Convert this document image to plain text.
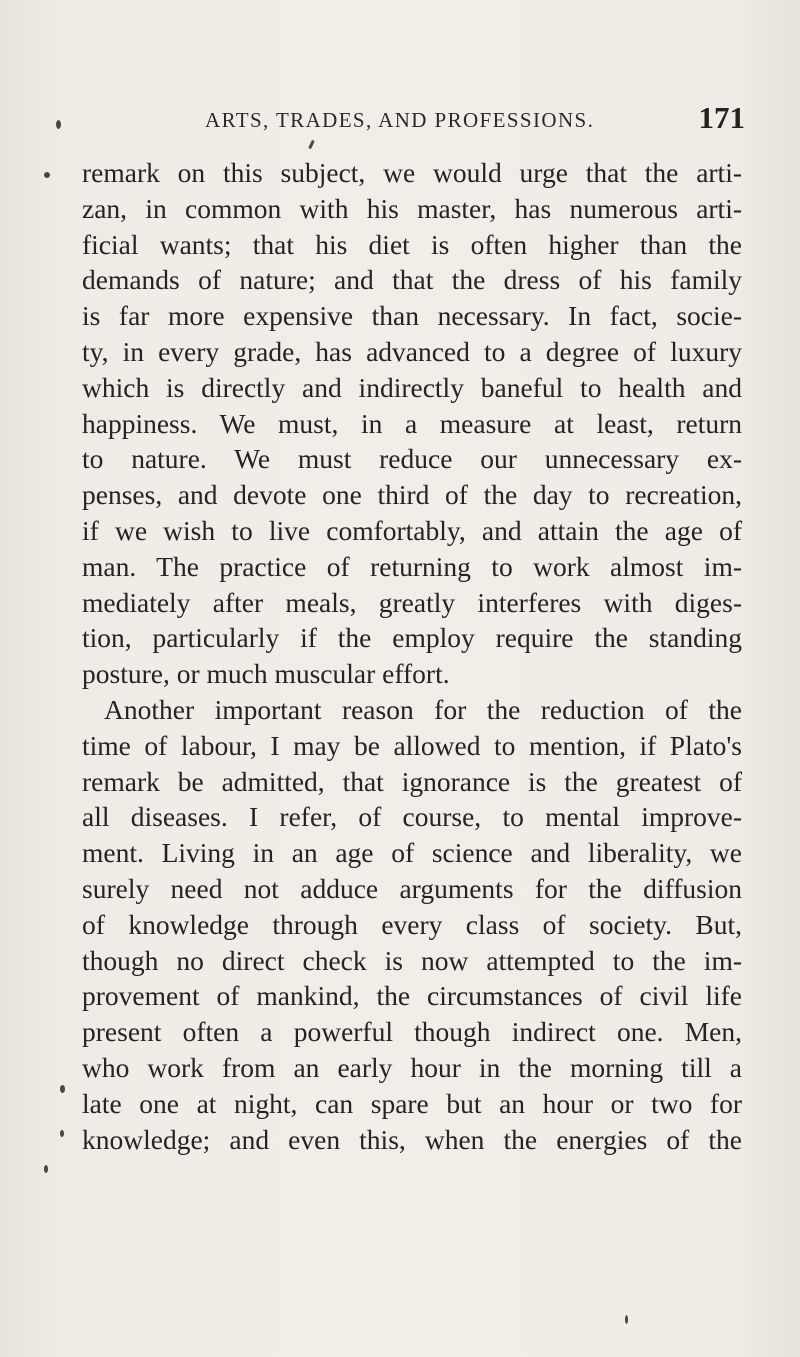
ARTS, TRADES, AND PROFESSIONS.	171
remark on this subject, we would urge that the arti-
zan, in common with his master, has numerous arti-
ficial wants; that his diet is often higher than the
demands of nature; and that the dress of his family
is far more expensive than necessary. In fact, socie-
ty, in every grade, has advanced to a degree of luxury
which is directly and indirectly baneful to health and
happiness. We must, in a measure at least, return
to nature. We must reduce our unnecessary ex-
penses, and devote one third of the day to recreation,
if we wish to live comfortably, and attain the age of
man. The practice of returning to work almost im-
mediately after meals, greatly interferes with diges-
tion, particularly if the employ require the standing
posture, or much muscular effort.
Another important reason for the reduction of the
time of labour, I may be allowed to mention, if Plato's
remark be admitted, that ignorance is the greatest of
all diseases. I refer, of course, to mental improve-
ment. Living in an age of science and liberality, we
surely need not adduce arguments for the diffusion
of knowledge through every class of society. But,
though no direct check is now attempted to the im-
provement of mankind, the circumstances of civil life
present often a powerful though indirect one. Men,
who work from an early hour in the morning till a
late one at night, can spare but an hour or two for
knowledge; and even this, when the energies of the
